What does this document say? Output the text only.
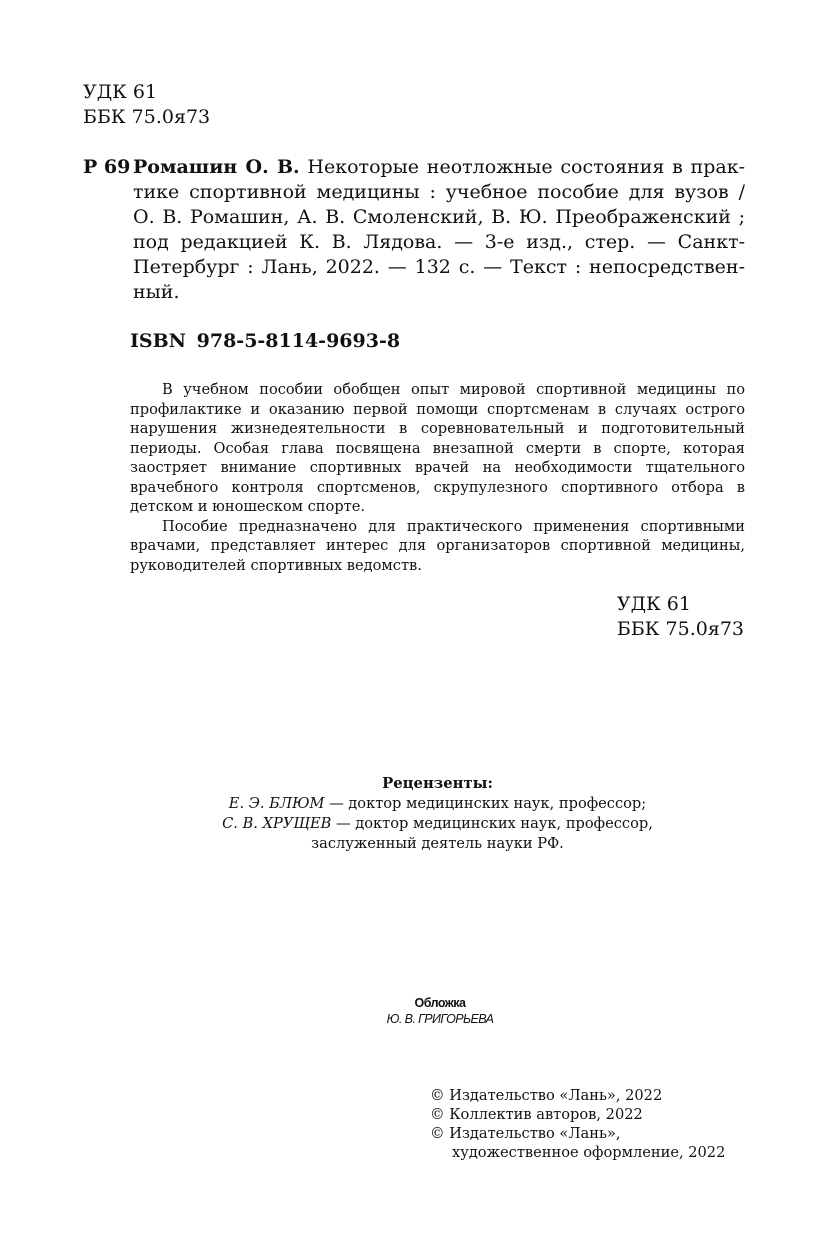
УДК 61
ББК 75.0я73
Р 69 Ромашин О. В. Некоторые неотложные состояния в прак-
тике спортивной медицины : учебное пособие для вузов /
О. В. Ромашин, А. В. Смоленский, В. Ю. Преображенский ;
под редакцией К. В. Лядова. — 3-е изд., стер. — Санкт-
Петербург : Лань, 2022. — 132 с. — Текст : непосредствен-
ный.
ISBN 978-5-8114-9693-8
В учебном пособии обобщен опыт мировой спортивной медицины по
профилактике и оказанию первой помощи спортсменам в случаях острого
нарушения жизнедеятельности в соревновательный и подготовительный
периоды. Особая глава посвящена внезапной смерти в спорте, которая
заостряет внимание спортивных врачей на необходимости тщательного
врачебного контроля спортсменов, скрупулезного спортивного отбора в
детском и юношеском спорте.
Пособие предназначено для практического применения спортивными
врачами, представляет интерес для организаторов спортивной медицины,
руководителей спортивных ведомств.
УДК 61
ББК 75.0я73
Рецензенты:
Е. Э. БЛЮМ — доктор медицинских наук, профессор;
С. В. ХРУЩЕВ — доктор медицинских наук, профессор,
заслуженный деятель науки РФ.
Обложка
Ю. В. ГРИГОРЬЕВА
© Издательство «Лань», 2022
© Коллектив авторов, 2022
© Издательство «Лань»,
художественное оформление, 2022
